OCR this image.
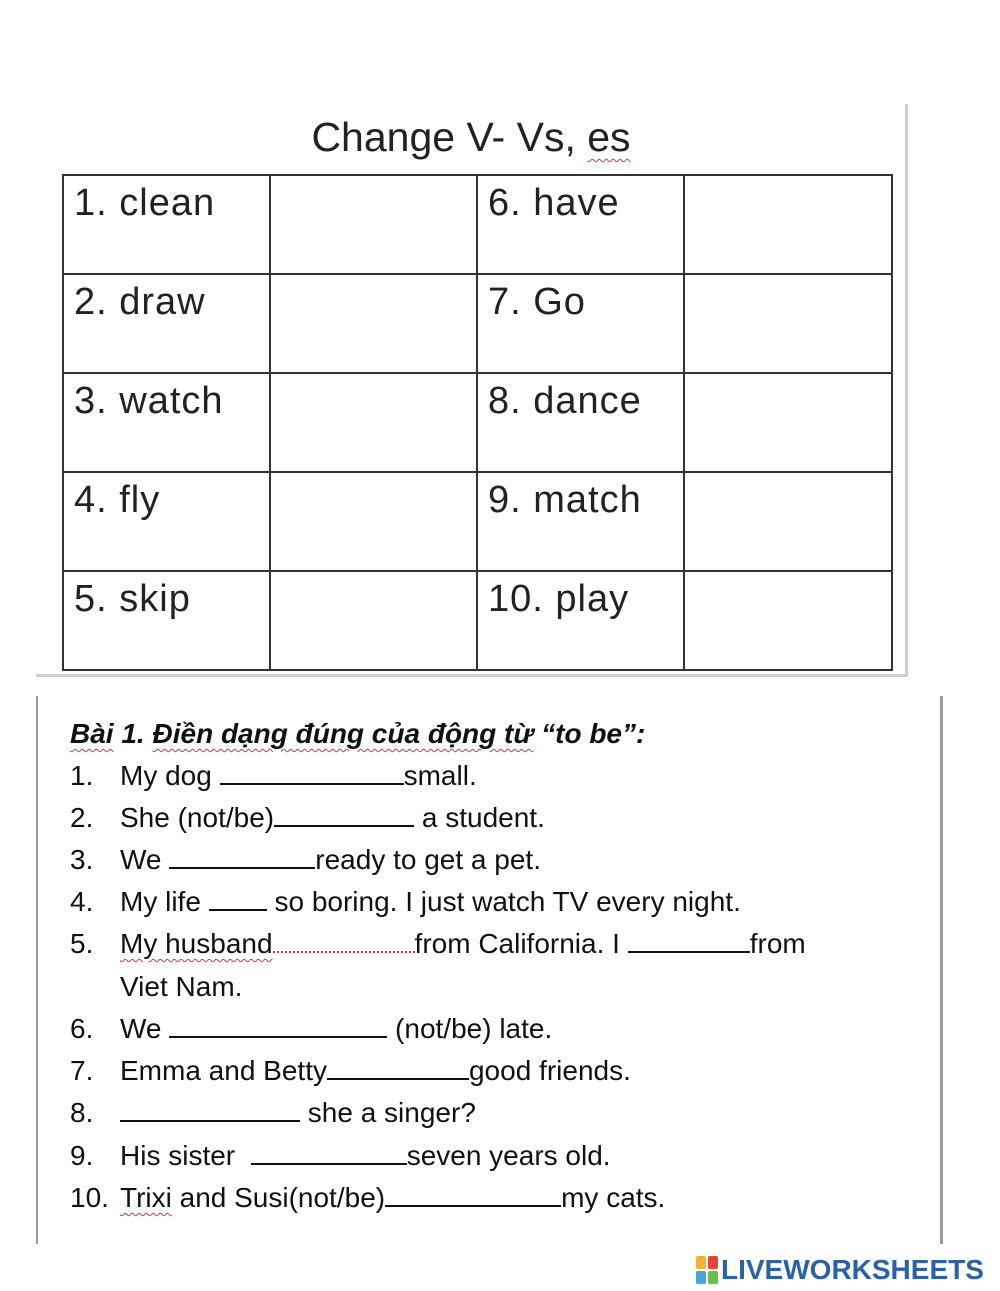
Change V- Vs, es
1. clean		6. have	
2. draw		7. Go	
3. watch		8. dance	
4. fly		9. match	
5. skip		10. play	
Bài 1. Điền dạng đúng của động từ “to be”:
1. My dog	small.
2. She (not/be)	a student.
3. We	ready to get a pet.
4. My life  so boring. I just watch TV every night.
5. My husband	from California. I	from
Viet Nam.
6. We	(not/be) late.
7. Emma and Betty	good friends.
8.	she a singer?
9. His sister	seven years old.
10. Trixi and Susi(not/be)	my cats.
LIVEWORKSHEETS
